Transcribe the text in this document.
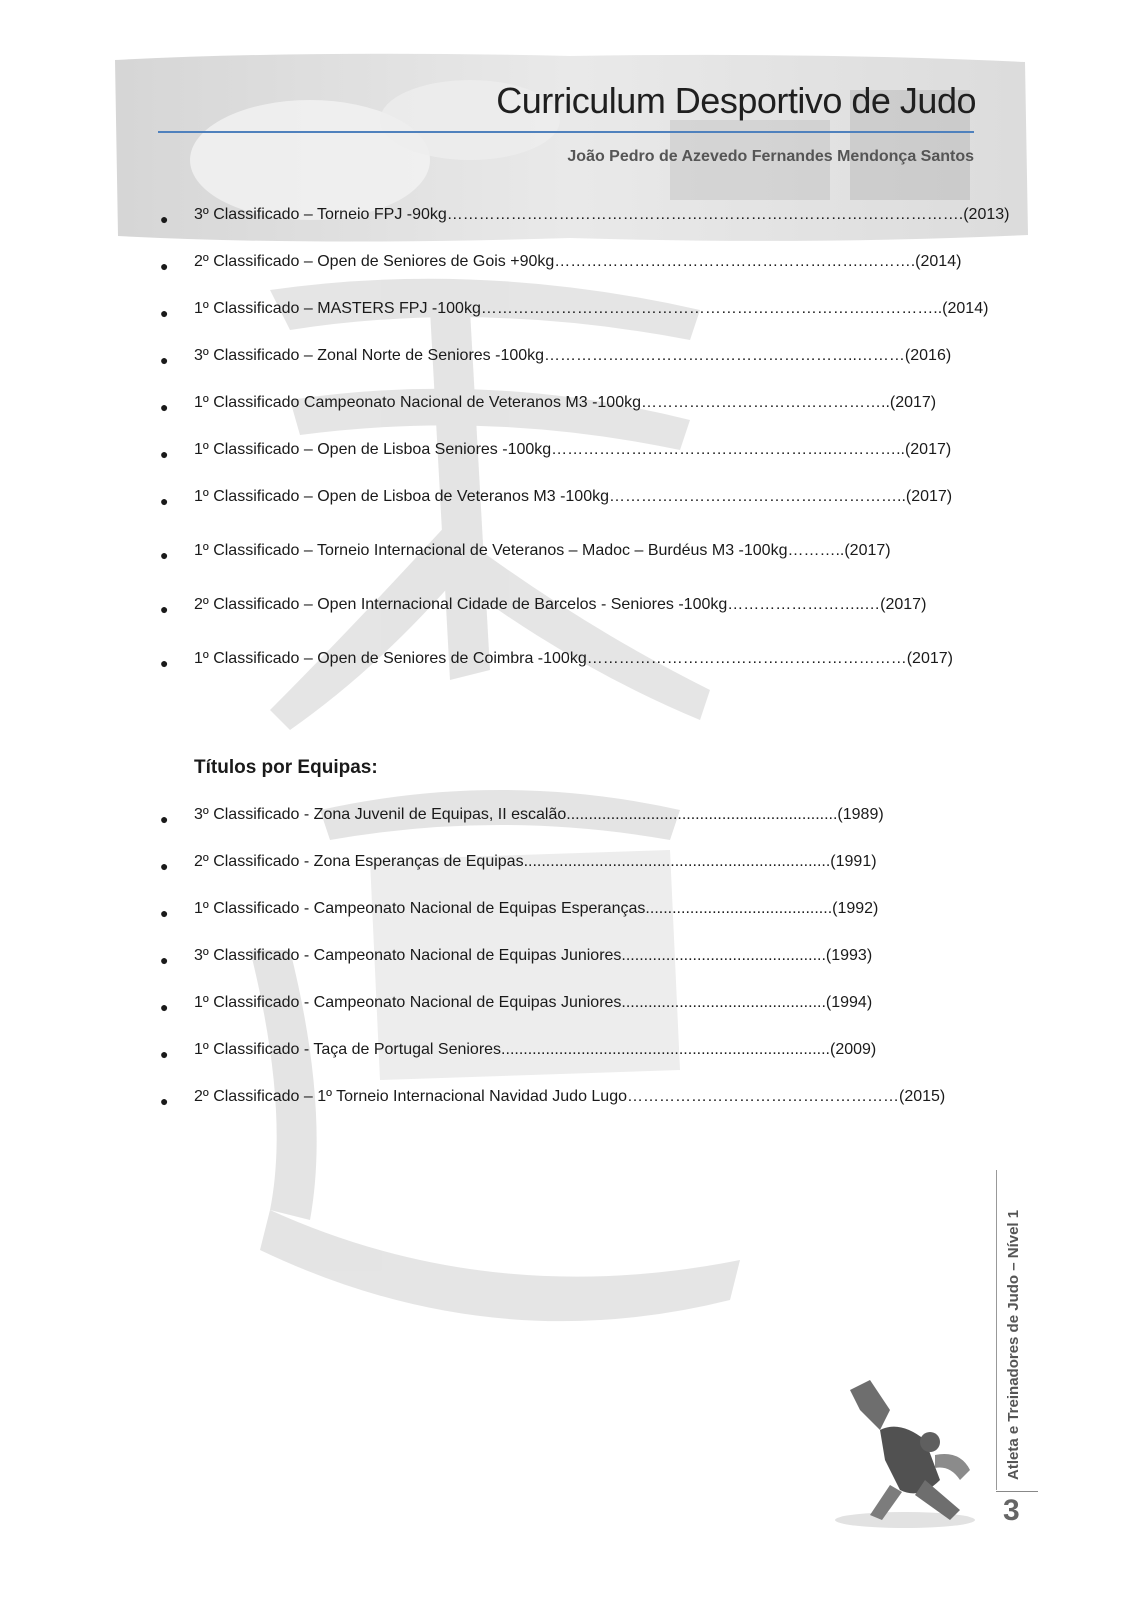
Curriculum Desportivo de Judo
João Pedro de Azevedo Fernandes Mendonça Santos
● 3º Classificado – Torneio FPJ -90kg…………………………………………………………………………………….(2013)
● 2º Classificado – Open de Seniores de Gois +90kg………………………………………………….……….(2014)
● 1º Classificado – MASTERS FPJ -100kg……………………………………………………………….…………..(2014)
● 3º Classificado – Zonal Norte de Seniores -100kg…………………………………………………..………(2016)
● 1º Classificado Campeonato Nacional de Veteranos M3 -100kg………………………………………..(2017)
● 1º Classificado – Open de Lisboa Seniores -100kg……………………………………………..…………..(2017)
● 1º Classificado – Open de Lisboa de Veteranos M3 -100kg………………………………………………..(2017)
● 1º Classificado – Torneio Internacional de Veteranos – Madoc – Burdéus M3 -100kg………..(2017)
● 2º Classificado – Open Internacional Cidade de Barcelos - Seniores -100kg……………………..…(2017)
● 1º Classificado – Open de Seniores de Coimbra -100kg……………………………………………………(2017)
Títulos por Equipas:
● 3º Classificado - Zona Juvenil de Equipas, II escalão.............................................................(1989)
● 2º Classificado - Zona Esperanças de Equipas.....................................................................(1991)
● 1º Classificado - Campeonato Nacional de Equipas Esperanças..........................................(1992)
● 3º Classificado - Campeonato Nacional de Equipas Juniores..............................................(1993)
● 1º Classificado - Campeonato Nacional de Equipas Juniores..............................................(1994)
● 1º Classificado - Taça de Portugal Seniores..........................................................................(2009)
● 2º Classificado – 1º Torneio Internacional Navidad Judo Lugo……………………………………………(2015)
Atleta e Treinadores de Judo – Nível 1
3
